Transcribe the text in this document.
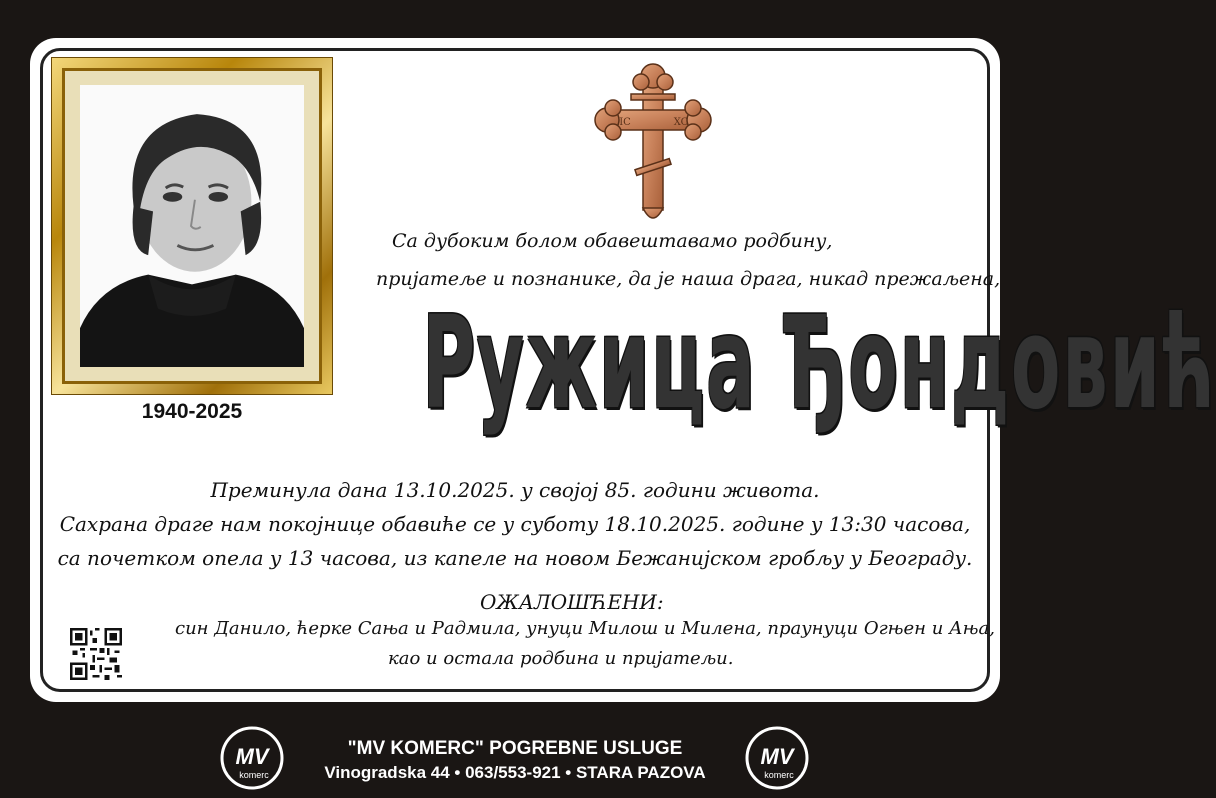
1940-2025
IC	XC
Са дубоким болом обавештавамо родбину,
пријатеље и познанике, да је наша драга, никад прежаљена,
Ружица Ђондовић
Преминула дана 13.10.2025. у својој 85. години живота.
Сахрана драге нам покојнице обавиће се у суботу 18.10.2025. године у 13:30 часова,
са почетком опела у 13 часова, из капеле на новом Бежанијском гробљу у Београду.
ОЖАЛОШЋЕНИ:
син Данило, ћерке Сања и Радмила, унуци Милош и Милена, праунуци Огњен и Ања,
као и остала родбина и пријатељи.
MV
komerc
"MV KOMERC" POGREBNE USLUGE
Vinogradska 44 • 063/553-921 • STARA PAZOVA
MV
komerc
